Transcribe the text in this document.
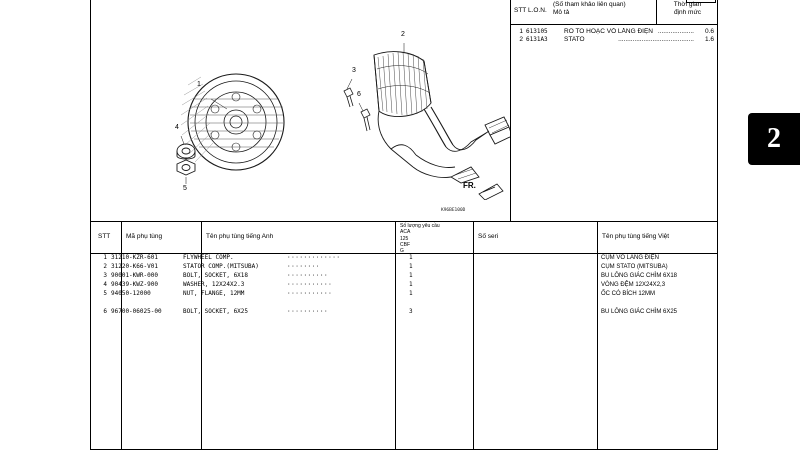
1
2
3
4
5
6
FR.
K96BE100D
STT L.O.N.
(Số tham khảo liên quan)
Mô tả
Thời gian
định mức
1 613105	RÔ TO HOẶC VỎ LẮNG ĐIỆN ....................	0.6
2 6131A3	STATO	..........................................	1.6
STT	Mã phụ tùng	Tên phụ tùng tiếng Anh
Số lượng yêu cầu
ACA
125
CBF
G
Số seri	Tên phụ tùng tiếng Việt
1 31210-KZR-601	FLYWHEEL COMP.	·············	1	CỤM VÔ LĂNG ĐIỆN
2 31220-K66-V01	STATOR COMP.(MITSUBA)	········	1	CỤM STATO (MITSUBA)
3 90001-KWR-000	BOLT, SOCKET, 6X18	··········	1	BU LÔNG GIÁC CHÌM 6X18
4 90439-KWZ-900	WASHER, 12X24X2.3	···········	1	VÒNG ĐỆM 12X24X2,3
5 94050-12000	NUT, FLANGE, 12MM	···········	1	ỐC CÓ BÍCH 12MM
6 96700-06025-00	BOLT, SOCKET, 6X25	··········	3	BU LÔNG GIÁC CHÌM 6X25
2
